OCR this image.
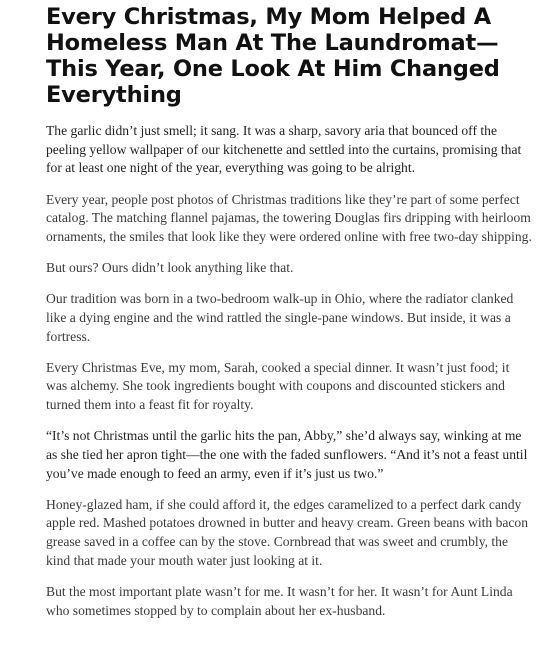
Every Christmas, My Mom Helped A Homeless Man At The Laundromat—This Year, One Look At Him Changed Everything

The garlic didn’t just smell; it sang. It was a sharp, savory aria that bounced off the peeling yellow wallpaper of our kitchenette and settled into the curtains, promising that for at least one night of the year, everything was going to be alright.

Every year, people post photos of Christmas traditions like they’re part of some perfect catalog. The matching flannel pajamas, the towering Douglas firs dripping with heirloom ornaments, the smiles that look like they were ordered online with free two-day shipping.

But ours? Ours didn’t look anything like that.

Our tradition was born in a two-bedroom walk-up in Ohio, where the radiator clanked like a dying engine and the wind rattled the single-pane windows. But inside, it was a fortress.

Every Christmas Eve, my mom, Sarah, cooked a special dinner. It wasn’t just food; it was alchemy. She took ingredients bought with coupons and discounted stickers and turned them into a feast fit for royalty.

“It’s not Christmas until the garlic hits the pan, Abby,” she’d always say, winking at me as she tied her apron tight—the one with the faded sunflowers. “And it’s not a feast until you’ve made enough to feed an army, even if it’s just us two.”

Honey-glazed ham, if she could afford it, the edges caramelized to a perfect dark candy apple red. Mashed potatoes drowned in butter and heavy cream. Green beans with bacon grease saved in a coffee can by the stove. Cornbread that was sweet and crumbly, the kind that made your mouth water just looking at it.

But the most important plate wasn’t for me. It wasn’t for her. It wasn’t for Aunt Linda who sometimes stopped by to complain about her ex-husband.
